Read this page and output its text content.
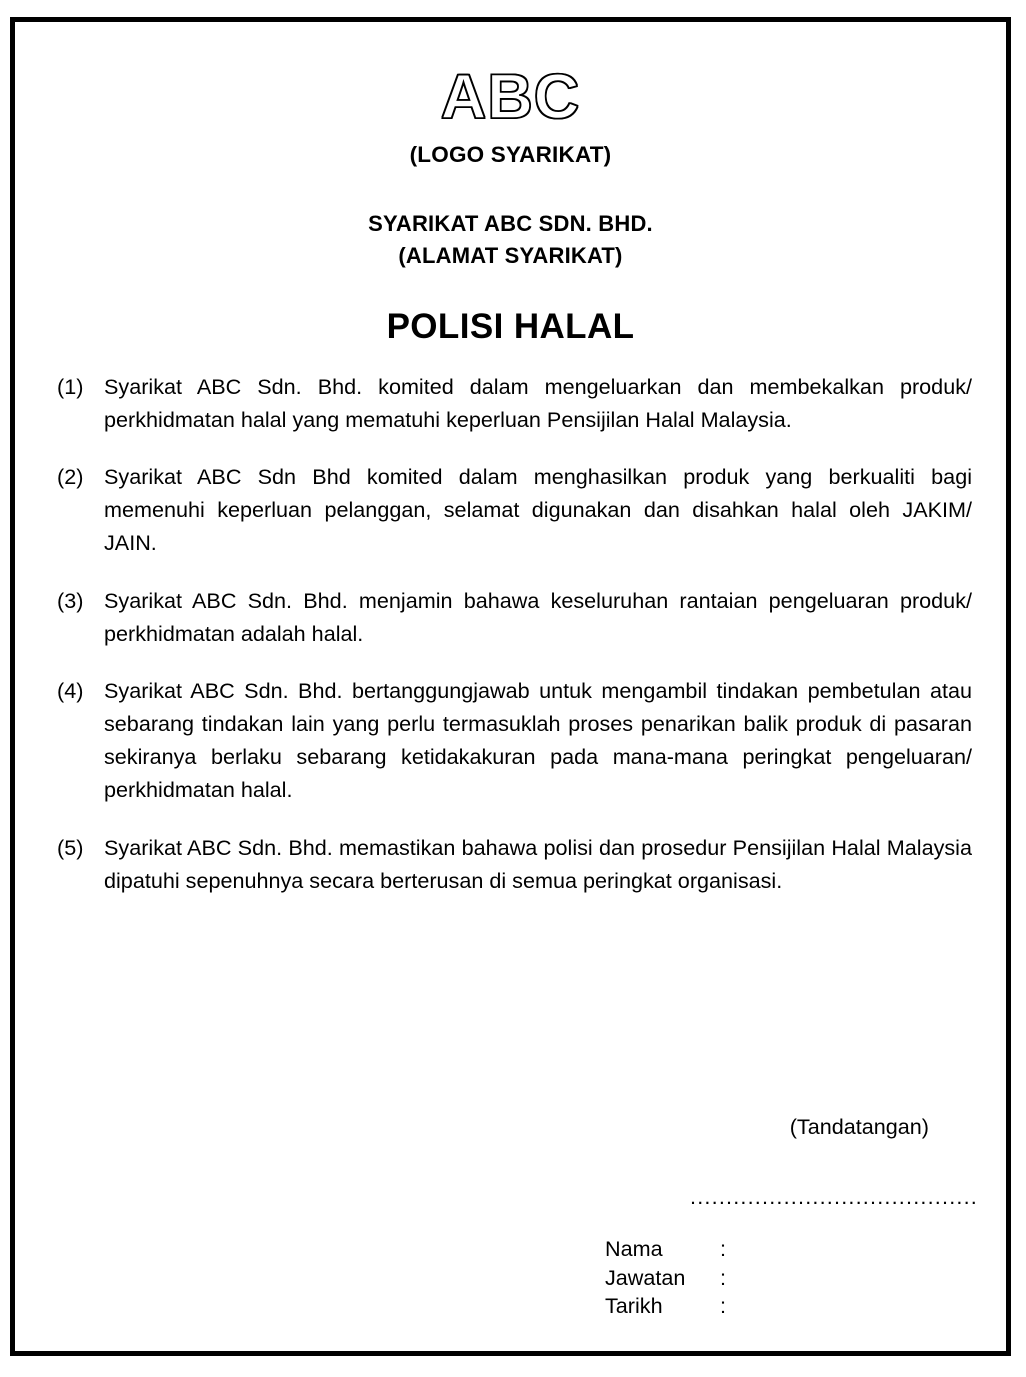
ABC
(LOGO SYARIKAT)
SYARIKAT ABC SDN. BHD.
(ALAMAT SYARIKAT)
POLISI HALAL
(1) Syarikat ABC Sdn. Bhd. komited dalam mengeluarkan dan membekalkan produk/ perkhidmatan halal yang mematuhi keperluan Pensijilan Halal Malaysia.
(2) Syarikat ABC Sdn Bhd komited dalam menghasilkan produk yang berkualiti bagi memenuhi keperluan pelanggan, selamat digunakan dan disahkan halal oleh JAKIM/ JAIN.
(3) Syarikat ABC Sdn. Bhd. menjamin bahawa keseluruhan rantaian pengeluaran produk/ perkhidmatan adalah halal.
(4) Syarikat ABC Sdn. Bhd. bertanggungjawab untuk mengambil tindakan pembetulan atau sebarang tindakan lain yang perlu termasuklah proses penarikan balik produk di pasaran sekiranya berlaku sebarang ketidakakuran pada mana-mana peringkat pengeluaran/ perkhidmatan halal.
(5) Syarikat ABC Sdn. Bhd. memastikan bahawa polisi dan prosedur Pensijilan Halal Malaysia dipatuhi sepenuhnya secara berterusan di semua peringkat organisasi.
(Tandatangan)
........................................
Nama	:
Jawatan	:
Tarikh	:
